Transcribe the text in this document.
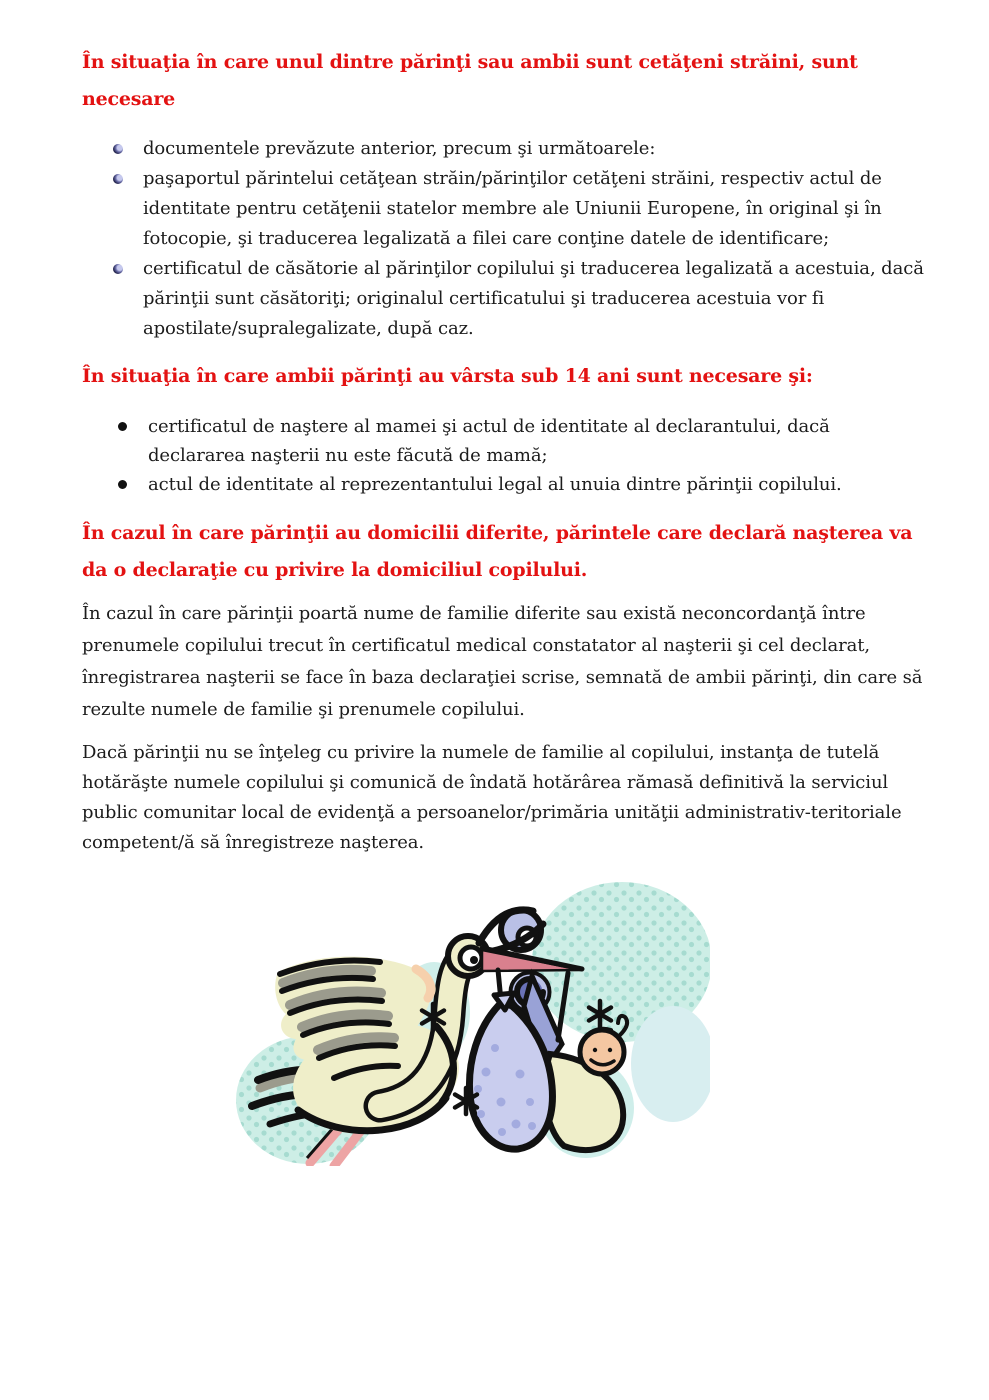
În situaţia în care unul dintre părinţi sau ambii sunt cetăţeni străini, sunt necesare
documentele prevăzute anterior, precum şi următoarele:
paşaportul părintelui cetăţean străin/părinţilor cetăţeni străini, respectiv actul de identitate pentru cetăţenii statelor membre ale Uniunii Europene, în original şi în fotocopie, şi traducerea legalizată a filei care conţine datele de identificare;
certificatul de căsătorie al părinţilor copilului şi traducerea legalizată a acestuia, dacă părinţii sunt căsătoriţi; originalul certificatului şi traducerea acestuia vor fi apostilate/supralegalizate, după caz.
În situaţia în care ambii părinţi au vârsta sub 14 ani sunt necesare şi:
certificatul de naştere al mamei şi actul de identitate al declarantului, dacă declararea naşterii nu este făcută de mamă;
actul de identitate al reprezentantului legal al unuia dintre părinţii copilului.
În cazul în care părinţii au domicilii diferite, părintele care declară naşterea va da o declaraţie cu privire la domiciliul copilului.

În cazul în care părinţii poartă nume de familie diferite sau există neconcordanţă între prenumele copilului trecut în certificatul medical constatator al naşterii şi cel declarat, înregistrarea naşterii se face în baza declaraţiei scrise, semnată de ambii părinţi, din care să rezulte numele de familie şi prenumele copilului.

Dacă părinţii nu se înţeleg cu privire la numele de familie al copilului, instanţa de tutelă hotărăşte numele copilului şi comunică de îndată hotărârea rămasă definitivă la serviciul public comunitar local de evidenţă a persoanelor/primăria unităţii administrativ-teritoriale competent/ă să înregistreze naşterea.
